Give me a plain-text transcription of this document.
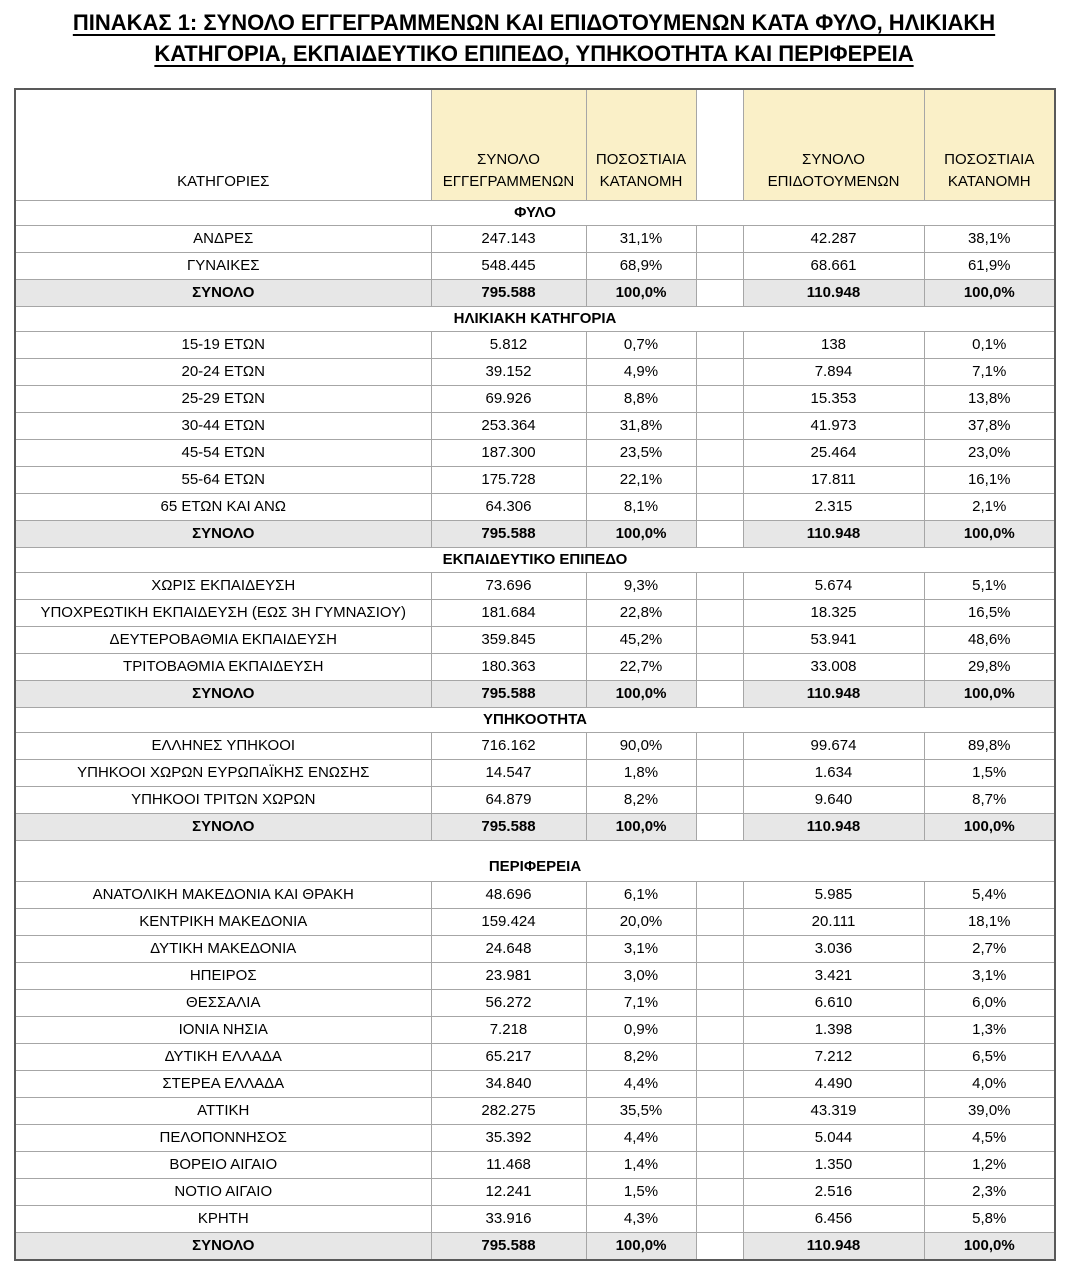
ΠΙΝΑΚΑΣ 1: ΣΥΝΟΛΟ ΕΓΓΕΓΡΑΜΜΕΝΩΝ ΚΑΙ ΕΠΙΔΟΤΟΥΜΕΝΩΝ ΚΑΤΑ ΦΥΛΟ, ΗΛΙΚΙΑΚΗ
ΚΑΤΗΓΟΡΙΑ, ΕΚΠΑΙΔΕΥΤΙΚΟ ΕΠΙΠΕΔΟ, ΥΠΗΚΟΟΤΗΤΑ ΚΑΙ ΠΕΡΙΦΕΡΕΙΑ
ΚΑΤΗΓΟΡΙΕΣ	ΣΥΝΟΛΟ ΕΓΓΕΓΡΑΜΜΕΝΩΝ	ΠΟΣΟΣΤΙΑΙΑ ΚΑΤΑΝΟΜΗ		ΣΥΝΟΛΟ ΕΠΙΔΟΤΟΥΜΕΝΩΝ	ΠΟΣΟΣΤΙΑΙΑ ΚΑΤΑΝΟΜΗ
ΦΥΛΟ					
ΑΝΔΡΕΣ	247.143	31,1%		42.287	38,1%
ΓΥΝΑΙΚΕΣ	548.445	68,9%		68.661	61,9%
ΣΥΝΟΛΟ	795.588	100,0%		110.948	100,0%
ΗΛΙΚΙΑΚΗ ΚΑΤΗΓΟΡΙΑ					
15-19 ΕΤΩΝ	5.812	0,7%		138	0,1%
20-24 ΕΤΩΝ	39.152	4,9%		7.894	7,1%
25-29 ΕΤΩΝ	69.926	8,8%		15.353	13,8%
30-44 ΕΤΩΝ	253.364	31,8%		41.973	37,8%
45-54 ΕΤΩΝ	187.300	23,5%		25.464	23,0%
55-64 ΕΤΩΝ	175.728	22,1%		17.811	16,1%
65 ΕΤΩΝ ΚΑΙ ΑΝΩ	64.306	8,1%		2.315	2,1%
ΣΥΝΟΛΟ	795.588	100,0%		110.948	100,0%
ΕΚΠΑΙΔΕΥΤΙΚΟ ΕΠΙΠΕΔΟ					
ΧΩΡΙΣ ΕΚΠΑΙΔΕΥΣΗ	73.696	9,3%		5.674	5,1%
ΥΠΟΧΡΕΩΤΙΚΗ ΕΚΠΑΙΔΕΥΣΗ (ΕΩΣ 3Η ΓΥΜΝΑΣΙΟΥ)	181.684	22,8%		18.325	16,5%
ΔΕΥΤΕΡΟΒΑΘΜΙΑ ΕΚΠΑΙΔΕΥΣΗ	359.845	45,2%		53.941	48,6%
ΤΡΙΤΟΒΑΘΜΙΑ ΕΚΠΑΙΔΕΥΣΗ	180.363	22,7%		33.008	29,8%
ΣΥΝΟΛΟ	795.588	100,0%		110.948	100,0%
ΥΠΗΚΟΟΤΗΤΑ					
ΕΛΛΗΝΕΣ ΥΠΗΚΟΟΙ	716.162	90,0%		99.674	89,8%
ΥΠΗΚΟΟΙ ΧΩΡΩΝ ΕΥΡΩΠΑΪΚΗΣ ΕΝΩΣΗΣ	14.547	1,8%		1.634	1,5%
ΥΠΗΚΟΟΙ ΤΡΙΤΩΝ ΧΩΡΩΝ	64.879	8,2%		9.640	8,7%
ΣΥΝΟΛΟ	795.588	100,0%		110.948	100,0%
ΠΕΡΙΦΕΡΕΙΑ					
ΑΝΑΤΟΛΙΚΗ ΜΑΚΕΔΟΝΙΑ ΚΑΙ ΘΡΑΚΗ	48.696	6,1%		5.985	5,4%
ΚΕΝΤΡΙΚΗ ΜΑΚΕΔΟΝΙΑ	159.424	20,0%		20.111	18,1%
ΔΥΤΙΚΗ ΜΑΚΕΔΟΝΙΑ	24.648	3,1%		3.036	2,7%
ΗΠΕΙΡΟΣ	23.981	3,0%		3.421	3,1%
ΘΕΣΣΑΛΙΑ	56.272	7,1%		6.610	6,0%
ΙΟΝΙΑ ΝΗΣΙΑ	7.218	0,9%		1.398	1,3%
ΔΥΤΙΚΗ ΕΛΛΑΔΑ	65.217	8,2%		7.212	6,5%
ΣΤΕΡΕΑ ΕΛΛΑΔΑ	34.840	4,4%		4.490	4,0%
ΑΤΤΙΚΗ	282.275	35,5%		43.319	39,0%
ΠΕΛΟΠΟΝΝΗΣΟΣ	35.392	4,4%		5.044	4,5%
ΒΟΡΕΙΟ ΑΙΓΑΙΟ	11.468	1,4%		1.350	1,2%
ΝΟΤΙΟ ΑΙΓΑΙΟ	12.241	1,5%		2.516	2,3%
ΚΡΗΤΗ	33.916	4,3%		6.456	5,8%
ΣΥΝΟΛΟ	795.588	100,0%		110.948	100,0%
